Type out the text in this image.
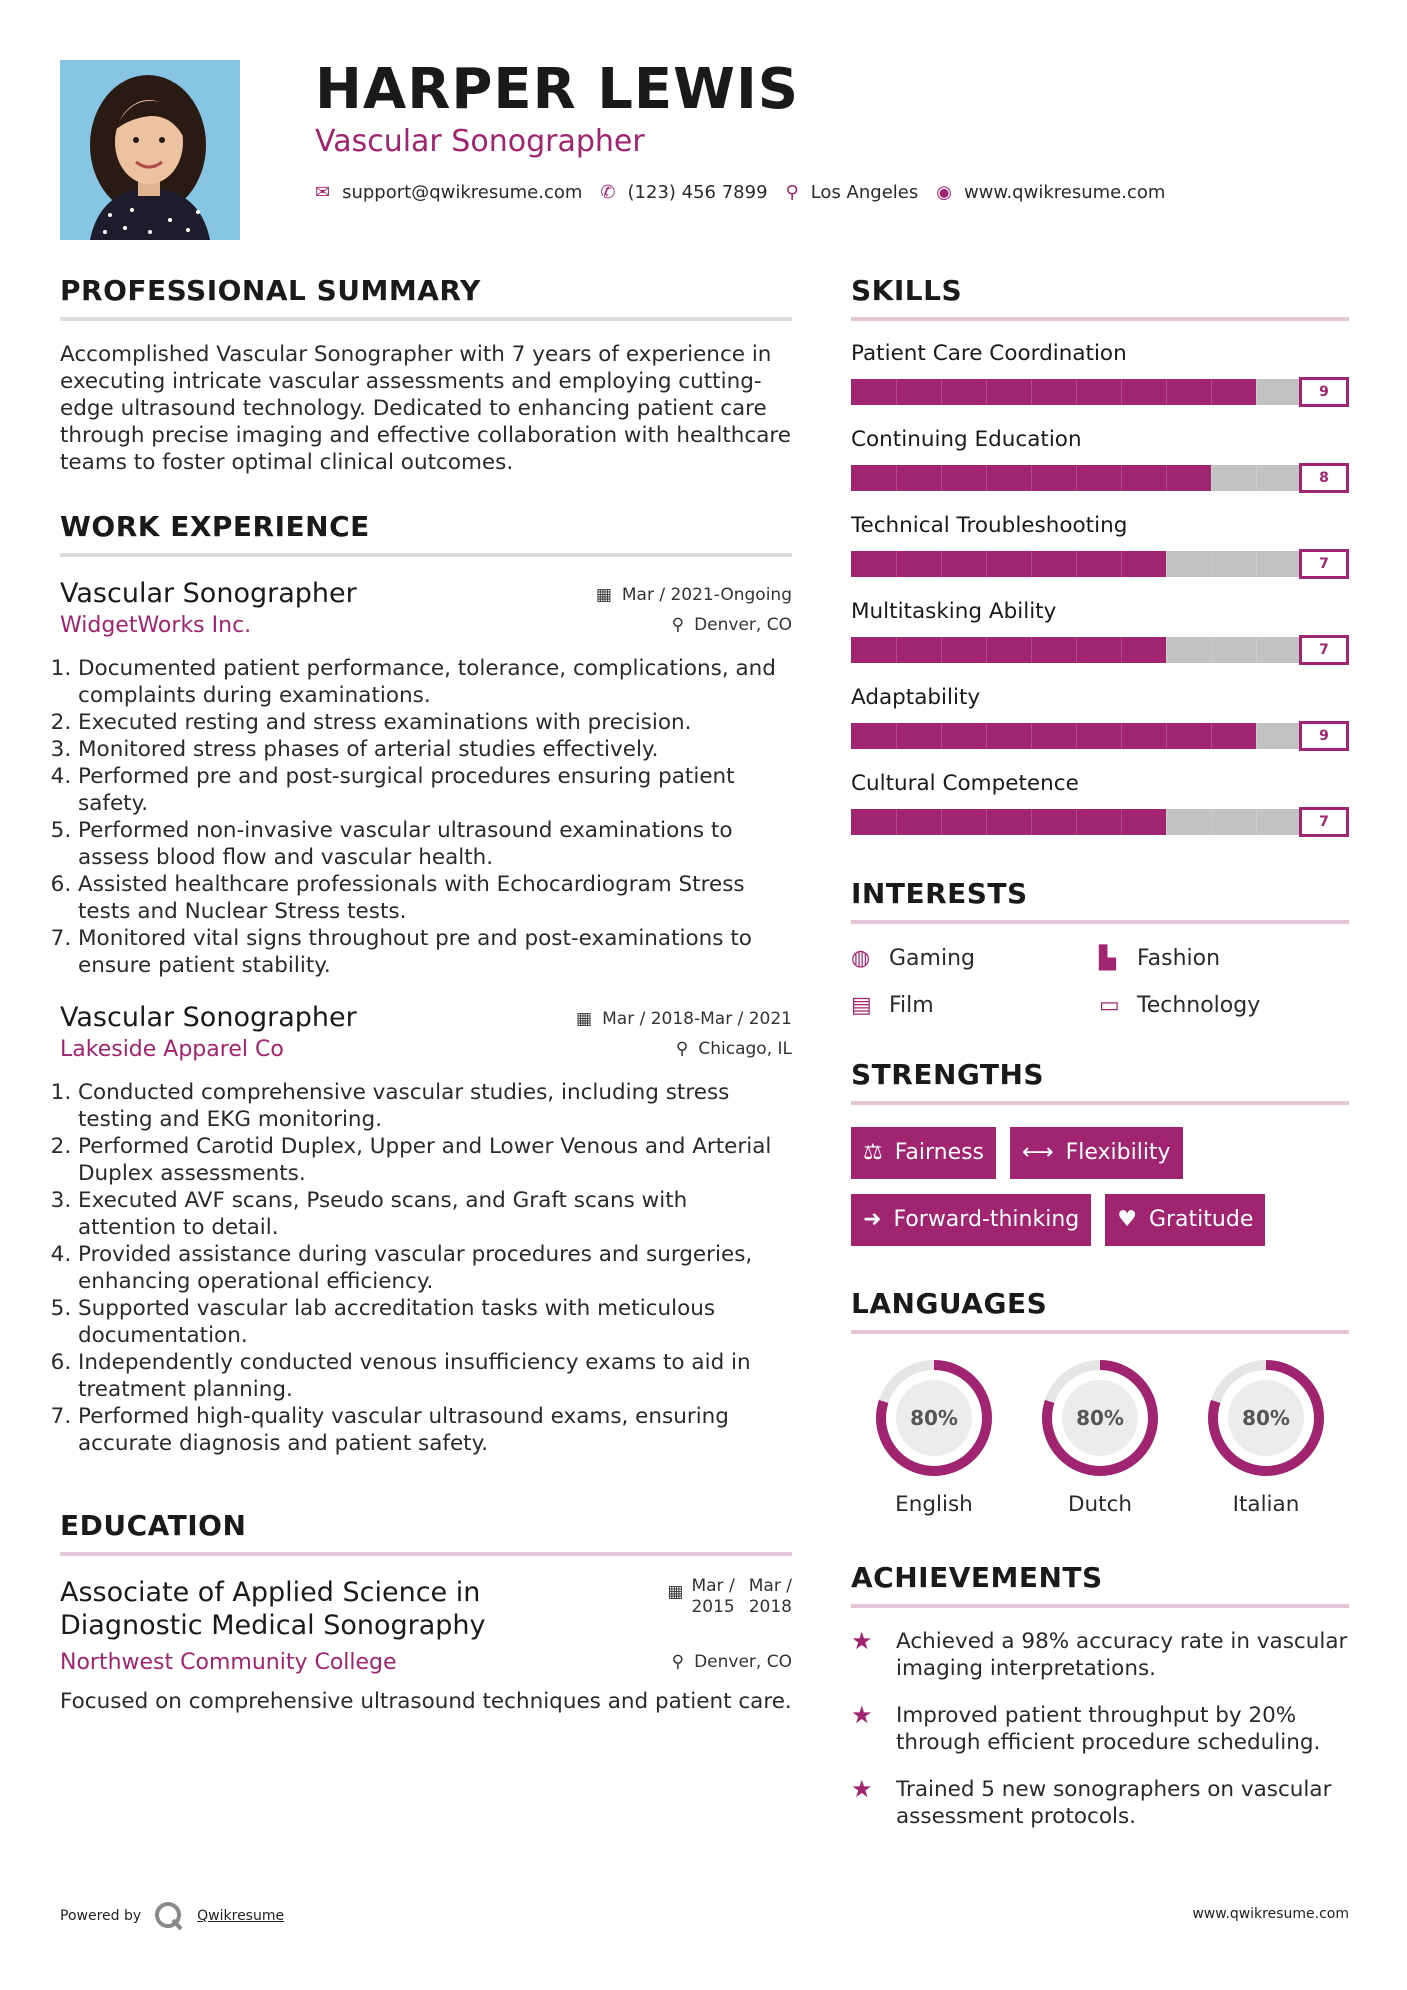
HARPER LEWIS
Vascular Sonographer
✉ support@qwikresume.com ✆ (123) 456 7899 ⚲ Los Angeles ◉ www.qwikresume.com
PROFESSIONAL SUMMARY
Accomplished Vascular Sonographer with 7 years of experience in executing intricate vascular assessments and employing cutting-edge ultrasound technology. Dedicated to enhancing patient care through precise imaging and effective collaboration with healthcare teams to foster optimal clinical outcomes.
WORK EXPERIENCE
Vascular Sonographer	▦ Mar / 2021-Ongoing
WidgetWorks Inc.	⚲ Denver, CO
1. Documented patient performance, tolerance, complications, and complaints during examinations.
2. Executed resting and stress examinations with precision.
3. Monitored stress phases of arterial studies effectively.
4. Performed pre and post-surgical procedures ensuring patient safety.
5. Performed non-invasive vascular ultrasound examinations to assess blood flow and vascular health.
6. Assisted healthcare professionals with Echocardiogram Stress tests and Nuclear Stress tests.
7. Monitored vital signs throughout pre and post-examinations to ensure patient stability.
Vascular Sonographer	▦ Mar / 2018-Mar / 2021
Lakeside Apparel Co	⚲ Chicago, IL
1. Conducted comprehensive vascular studies, including stress testing and EKG monitoring.
2. Performed Carotid Duplex, Upper and Lower Venous and Arterial Duplex assessments.
3. Executed AVF scans, Pseudo scans, and Graft scans with attention to detail.
4. Provided assistance during vascular procedures and surgeries, enhancing operational efficiency.
5. Supported vascular lab accreditation tasks with meticulous documentation.
6. Independently conducted venous insufficiency exams to aid in treatment planning.
7. Performed high-quality vascular ultrasound exams, ensuring accurate diagnosis and patient safety.
EDUCATION
Associate of Applied Science in Diagnostic Medical Sonography
▦ Mar /
2015
Mar /
2018
Northwest Community College	⚲ Denver, CO
Focused on comprehensive ultrasound techniques and patient care.
SKILLS
Patient Care Coordination
9
Continuing Education
8
Technical Troubleshooting
7
Multitasking Ability
7
Adaptability
9
Cultural Competence
7
INTERESTS
◍ Gaming	▙ Fashion
▤ Film	▭ Technology
STRENGTHS
⚖ Fairness ⟷ Flexibility
➜ Forward-thinking ♥ Gratitude
LANGUAGES
80%
English
80%
Dutch
80%
Italian
ACHIEVEMENTS
★	Achieved a 98% accuracy rate in vascular imaging interpretations.
★	Improved patient throughput by 20% through efficient procedure scheduling.
★	Trained 5 new sonographers on vascular assessment protocols.
Powered by	Qwikresume	www.qwikresume.com
